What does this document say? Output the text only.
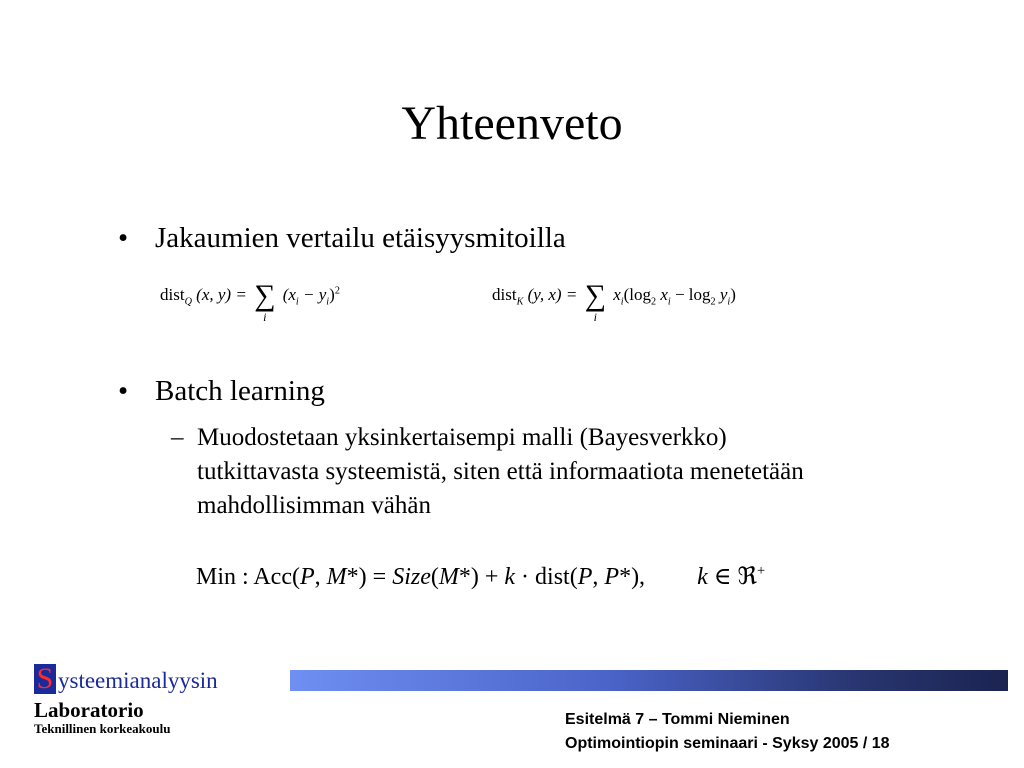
Yhteenveto
• Jakaumien vertailu etäisyysmitoilla
dist$_Q$ (x, y) = ∑
i
$(x_i - y_i)^2$	dist$_K$ (y, x) = ∑
i
$x_i(\log_2$ $x_i - \log_2 y_i$)
• Batch learning
– Muodostetaan yksinkertaisempi malli (Bayesverkko)
tutkittavasta systeemistä, siten että informaatiota menetetään
mahdollisimman vähän
Min : Acc(P, M*) = Size(M*) + k · dist(P, P*), k ∈ ℜ+
S ysteemianalyysin
Laboratorio
Teknillinen korkeakoulu
Esitelmä 7 – Tommi Nieminen
Optimointiopin seminaari - Syksy 2005 / 18
